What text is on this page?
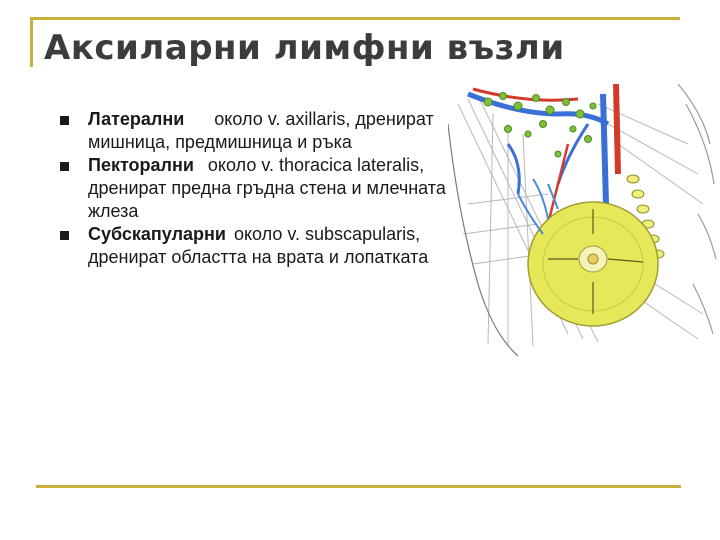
Аксиларни лимфни възли
Латерални около v. axillaris, дренират мишница, предмишница и ръка
Пекторални около v. thoracica lateralis, дренират предна гръдна стена и млечната жлеза
Субскапуларни около v. subscapularis, дренират областта на врата и лопатката
